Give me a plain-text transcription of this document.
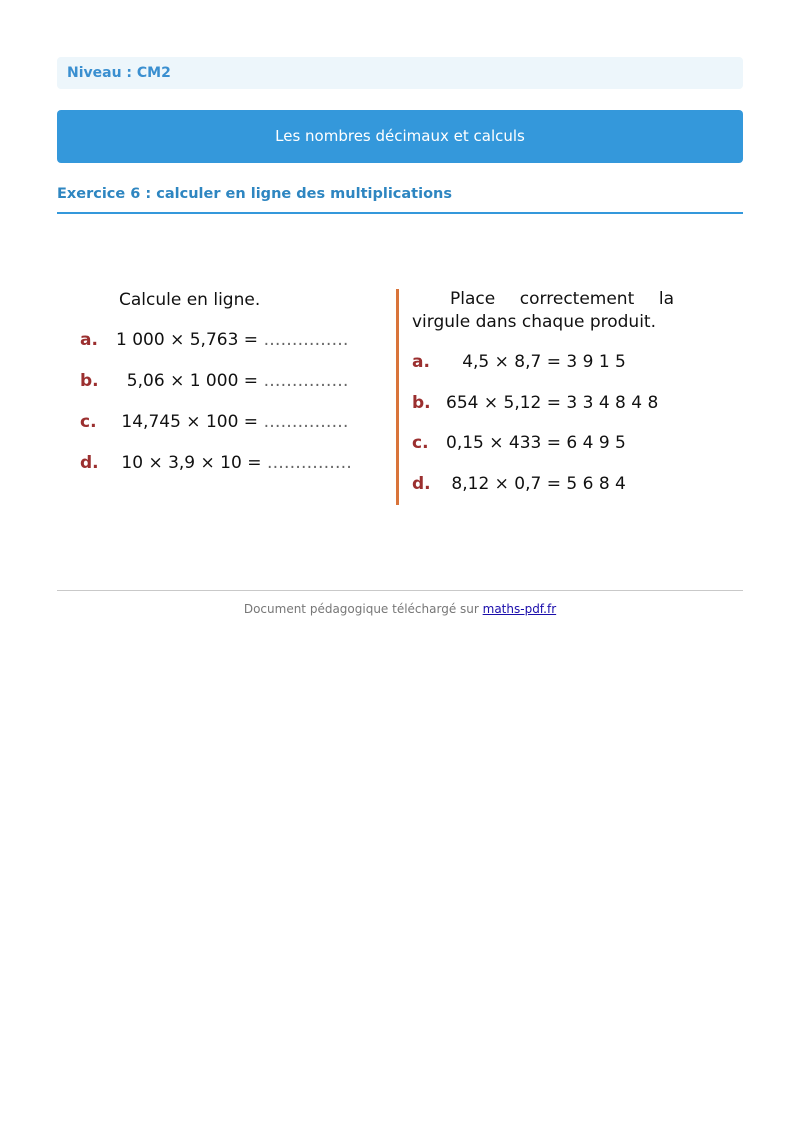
Niveau : CM2
Les nombres décimaux et calculs
Exercice 6 : calculer en ligne des multiplications
Calcule en ligne.
a. 1 000 × 5,763 = ……………
b.  5,06 × 1 000 = ……………
c. 14,745 × 100 = ……………
d. 10 × 3,9 × 10 = ……………
Place correctement la virgule dans chaque produit.
a.   4,5 × 8,7 = 3 9 1 5
b. 654 × 5,12 = 3 3 4 8 4 8
c. 0,15 × 433 = 6 4 9 5
d. 8,12 × 0,7 = 5 6 8 4
Document pédagogique téléchargé sur maths-pdf.fr
